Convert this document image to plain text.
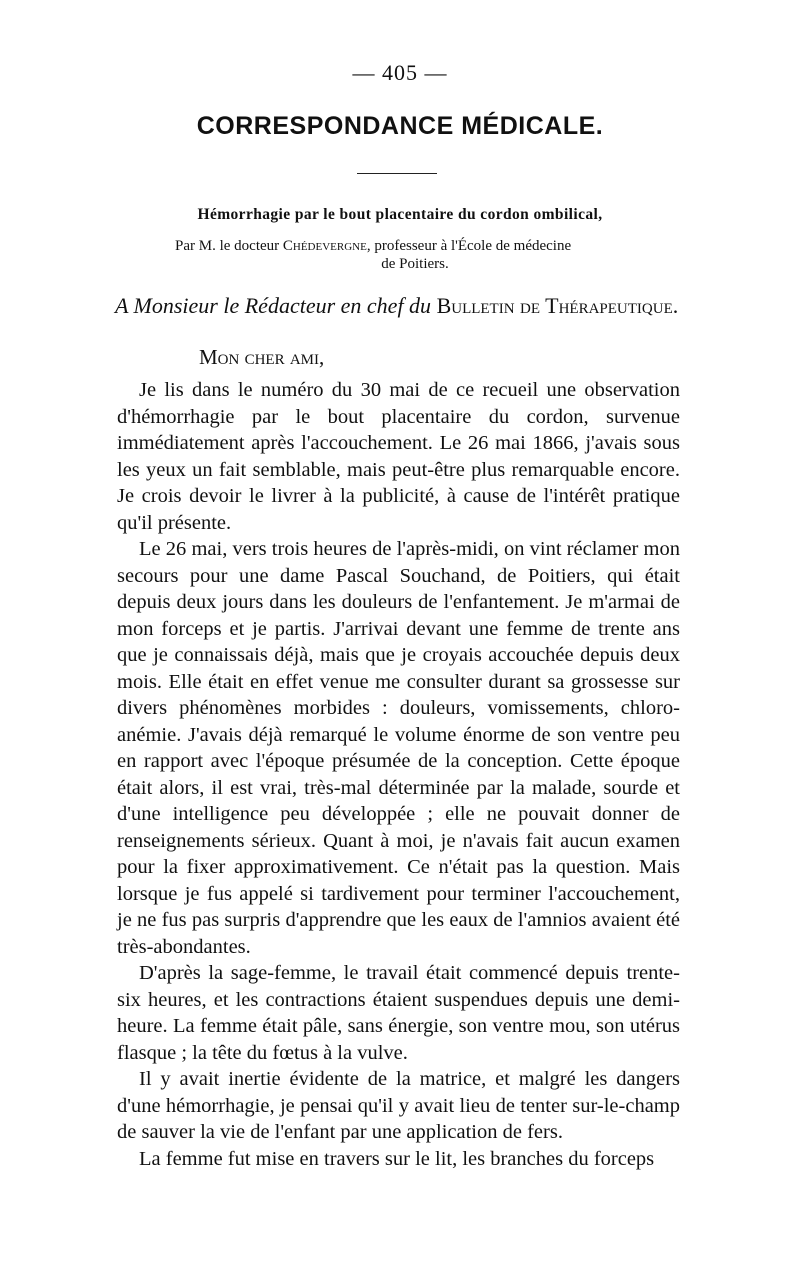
— 405 —
CORRESPONDANCE MÉDICALE.
Hémorrhagie par le bout placentaire du cordon ombilical,
Par M. le docteur Chédevergne, professeur à l'École de médecine
de Poitiers.
A Monsieur le Rédacteur en chef du Bulletin de Thérapeutique.
Mon cher ami,

Je lis dans le numéro du 30 mai de ce recueil une observation d'hémorrhagie par le bout placentaire du cordon, survenue immédiatement après l'accouchement. Le 26 mai 1866, j'avais sous les yeux un fait semblable, mais peut-être plus remarquable encore. Je crois devoir le livrer à la publicité, à cause de l'intérêt pratique qu'il présente.

Le 26 mai, vers trois heures de l'après-midi, on vint réclamer mon secours pour une dame Pascal Souchand, de Poitiers, qui était depuis deux jours dans les douleurs de l'enfantement. Je m'armai de mon forceps et je partis. J'arrivai devant une femme de trente ans que je connaissais déjà, mais que je croyais accouchée depuis deux mois. Elle était en effet venue me consulter durant sa grossesse sur divers phénomènes morbides : douleurs, vomissements, chloro-anémie. J'avais déjà remarqué le volume énorme de son ventre peu en rapport avec l'époque présumée de la conception. Cette époque était alors, il est vrai, très-mal déterminée par la malade, sourde et d'une intelligence peu développée ; elle ne pouvait donner de renseignements sérieux. Quant à moi, je n'avais fait aucun examen pour la fixer approximativement. Ce n'était pas la question. Mais lorsque je fus appelé si tardivement pour terminer l'accouchement, je ne fus pas surpris d'apprendre que les eaux de l'amnios avaient été très-abondantes.

D'après la sage-femme, le travail était commencé depuis trente-six heures, et les contractions étaient suspendues depuis une demi-heure. La femme était pâle, sans énergie, son ventre mou, son utérus flasque ; la tête du fœtus à la vulve.

Il y avait inertie évidente de la matrice, et malgré les dangers d'une hémorrhagie, je pensai qu'il y avait lieu de tenter sur-le-champ de sauver la vie de l'enfant par une application de fers.

La femme fut mise en travers sur le lit, les branches du forceps
